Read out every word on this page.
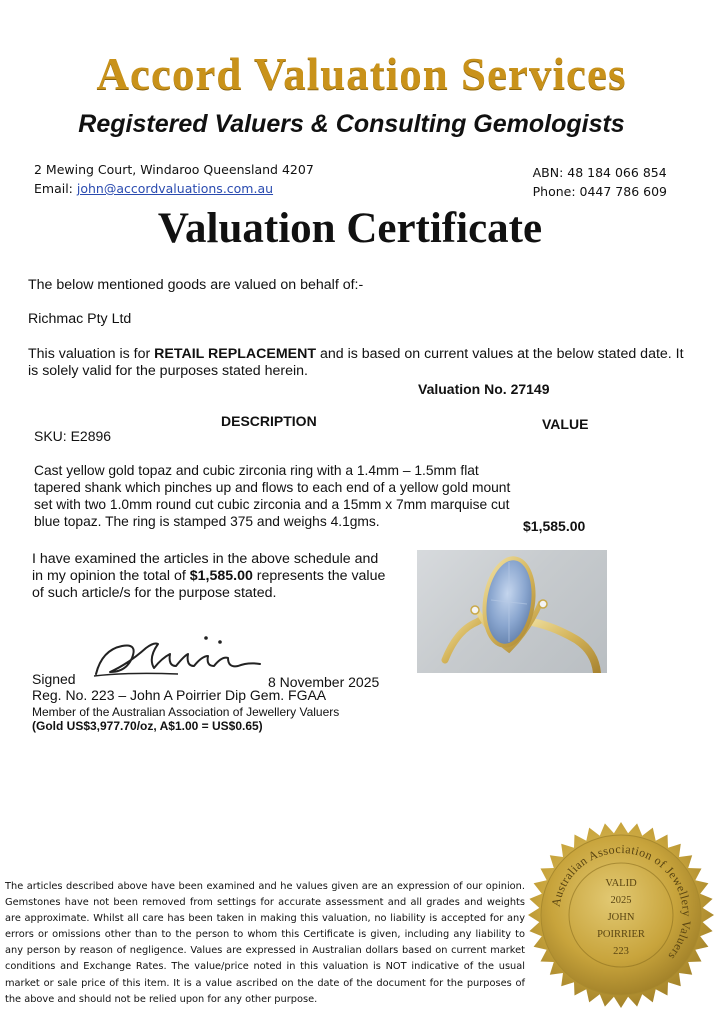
Accord Valuation Services
Registered Valuers & Consulting Gemologists
2 Mewing Court, Windaroo Queensland 4207
Email: john@accordvaluations.com.au
ABN: 48 184 066 854
Phone: 0447 786 609
Valuation Certificate
The below mentioned goods are valued on behalf of:-
Richmac Pty Ltd
This valuation is for RETAIL REPLACEMENT and is based on current values at the below stated date. It is solely valid for the purposes stated herein.
Valuation No. 27149
DESCRIPTION	VALUE
SKU: E2896
Cast yellow gold topaz and cubic zirconia ring with a 1.4mm – 1.5mm flat tapered shank which pinches up and flows to each end of a yellow gold mount set with two 1.0mm round cut cubic zirconia and a 15mm x 7mm marquise cut blue topaz. The ring is stamped 375 and weighs 4.1gms.	$1,585.00
I have examined the articles in the above schedule and in my opinion the total of $1,585.00 represents the value of such article/s for the purpose stated.
Signed	8 November 2025
Reg. No. 223 – John A Poirrier Dip Gem. FGAA
Member of the Australian Association of Jewellery Valuers
(Gold US$3,977.70/oz, A$1.00 = US$0.65)
The articles described above have been examined and he values given are an expression of our opinion. Gemstones have not been removed from settings for accurate assessment and all grades and weights are approximate. Whilst all care has been taken in making this valuation, no liability is accepted for any errors or omissions other than to the person to whom this Certificate is given, including any liability to any person by reason of negligence. Values are expressed in Australian dollars based on current market conditions and Exchange Rates. The value/price noted in this valuation is NOT indicative of the usual market or sale price of this item. It is a value ascribed on the date of the document for the purposes of the above and should not be relied upon for any other purpose.
Australian Association of Jewellery Valuers
VALID
2025
JOHN
POIRRIER
223
